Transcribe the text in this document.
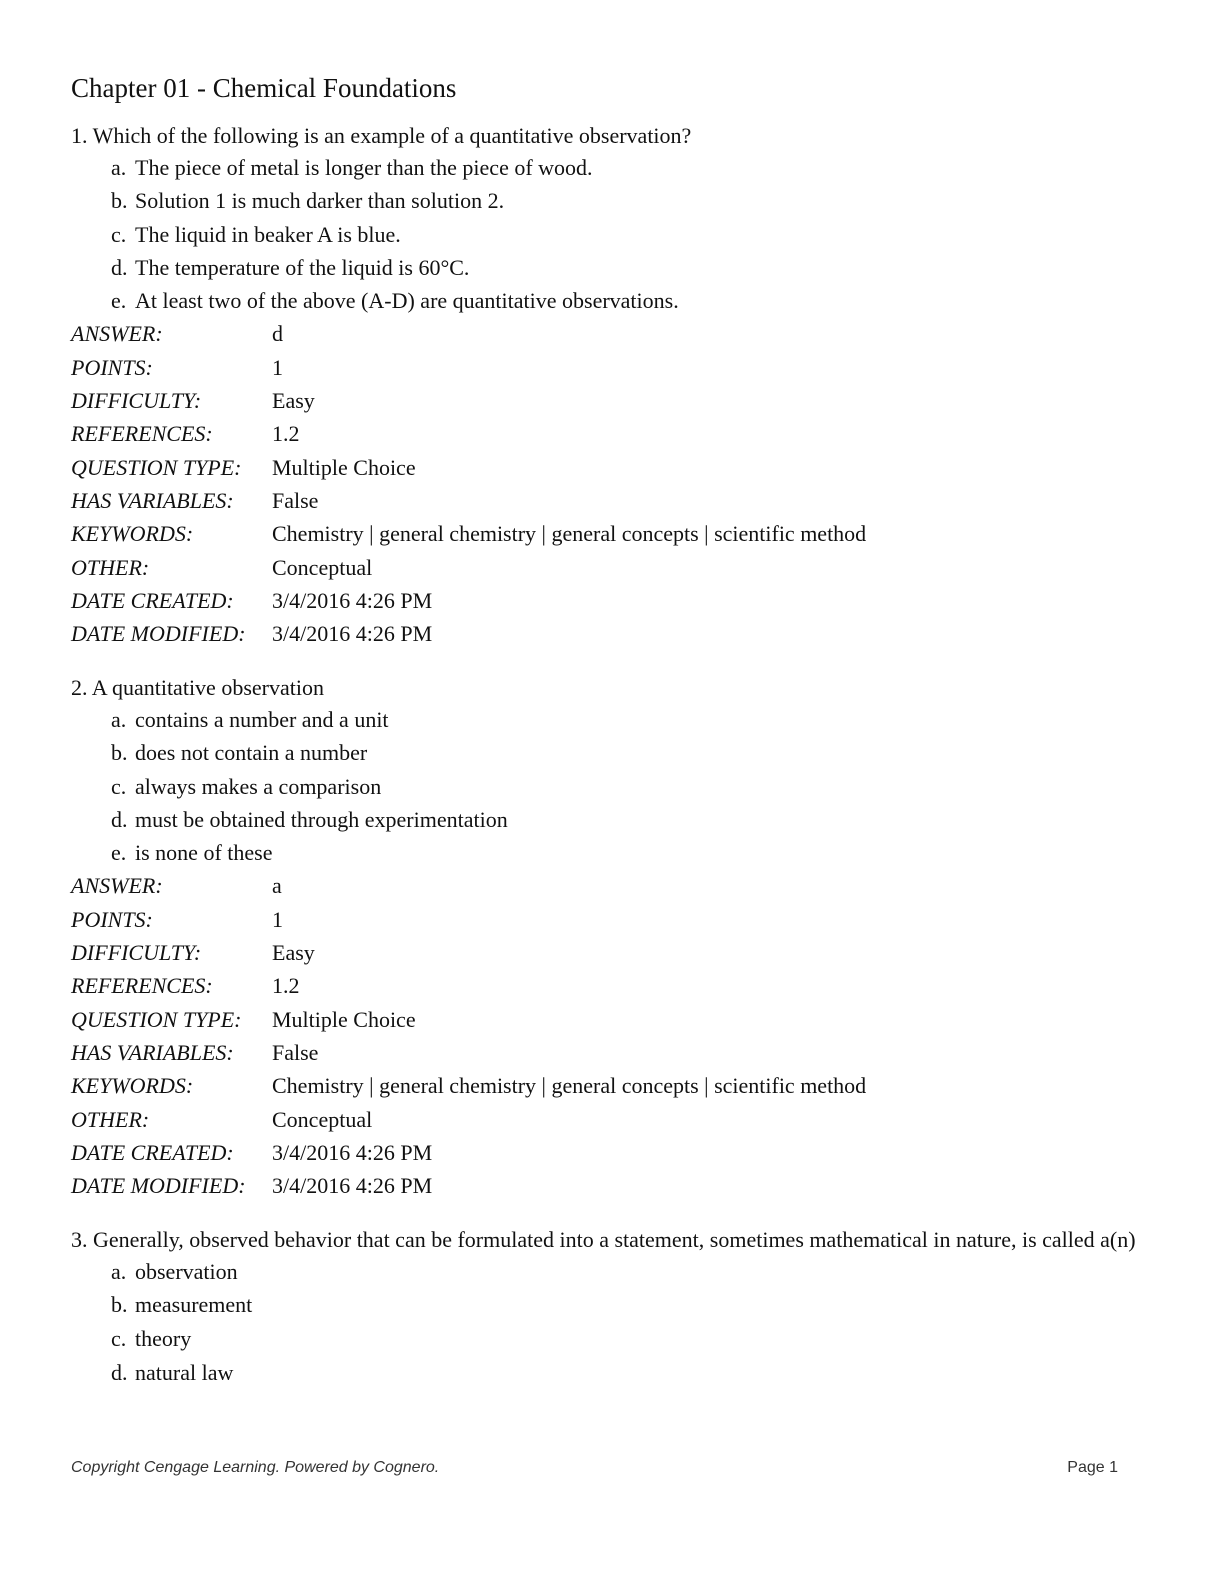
Chapter 01 - Chemical Foundations
1. Which of the following is an example of a quantitative observation?
a. The piece of metal is longer than the piece of wood.
b. Solution 1 is much darker than solution 2.
c. The liquid in beaker A is blue.
d. The temperature of the liquid is 60°C.
e. At least two of the above (A-D) are quantitative observations.
ANSWER:	d
POINTS:	1
DIFFICULTY:	Easy
REFERENCES:	1.2
QUESTION TYPE:	Multiple Choice
HAS VARIABLES:	False
KEYWORDS:	Chemistry | general chemistry | general concepts | scientific method
OTHER:	Conceptual
DATE CREATED:	3/4/2016 4:26 PM
DATE MODIFIED:	3/4/2016 4:26 PM
2. A quantitative observation
a. contains a number and a unit
b. does not contain a number
c. always makes a comparison
d. must be obtained through experimentation
e. is none of these
ANSWER:	a
POINTS:	1
DIFFICULTY:	Easy
REFERENCES:	1.2
QUESTION TYPE:	Multiple Choice
HAS VARIABLES:	False
KEYWORDS:	Chemistry | general chemistry | general concepts | scientific method
OTHER:	Conceptual
DATE CREATED:	3/4/2016 4:26 PM
DATE MODIFIED:	3/4/2016 4:26 PM
3. Generally, observed behavior that can be formulated into a statement, sometimes mathematical in nature, is called a(n)
a. observation
b. measurement
c. theory
d. natural law
Copyright Cengage Learning. Powered by Cognero.	Page 1
